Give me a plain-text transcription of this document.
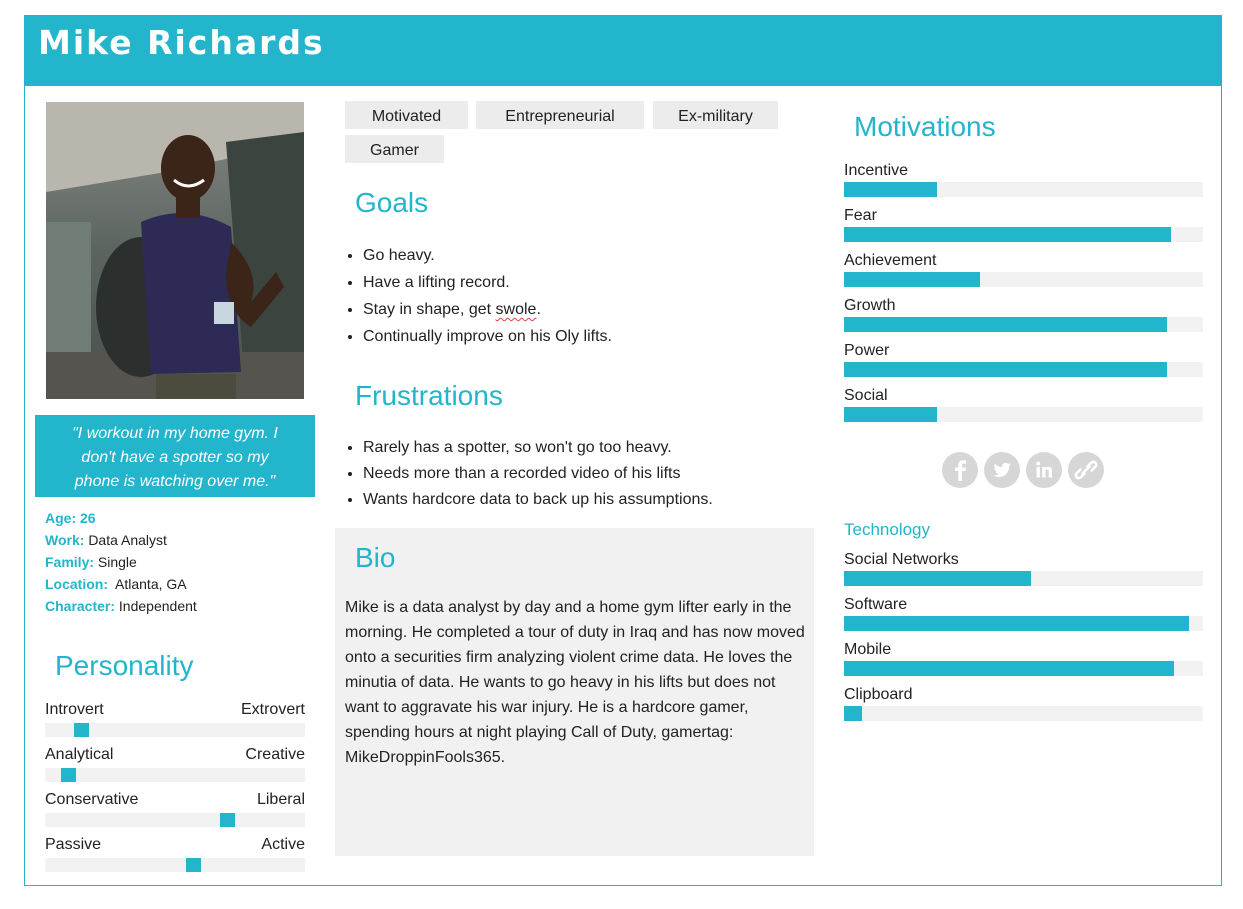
Mike Richards
"I workout in my home gym. I don't have a spotter so my phone is watching over me."
Age: 26
Work: Data Analyst
Family: Single
Location: Atlanta, GA
Character: Independent
Personality
Introvert	Extrovert
Analytical	Creative
Conservative	Liberal
Passive	Active
Motivated	Entrepreneurial	Ex-military
Gamer
Goals
• Go heavy.
• Have a lifting record.
• Stay in shape, get swole.
• Continually improve on his Oly lifts.
Frustrations
• Rarely has a spotter, so won't go too heavy.
• Needs more than a recorded video of his lifts
• Wants hardcore data to back up his assumptions.
Bio

Mike is a data analyst by day and a home gym lifter early in the morning. He completed a tour of duty in Iraq and has now moved onto a securities firm analyzing violent crime data. He loves the minutia of data. He wants to go heavy in his lifts but does not want to aggravate his war injury. He is a hardcore gamer, spending hours at night playing Call of Duty, gamertag: MikeDroppinFools365.

Motivations
Incentive
Fear
Achievement
Growth
Power
Social
Technology
Social Networks
Software
Mobile
Clipboard
